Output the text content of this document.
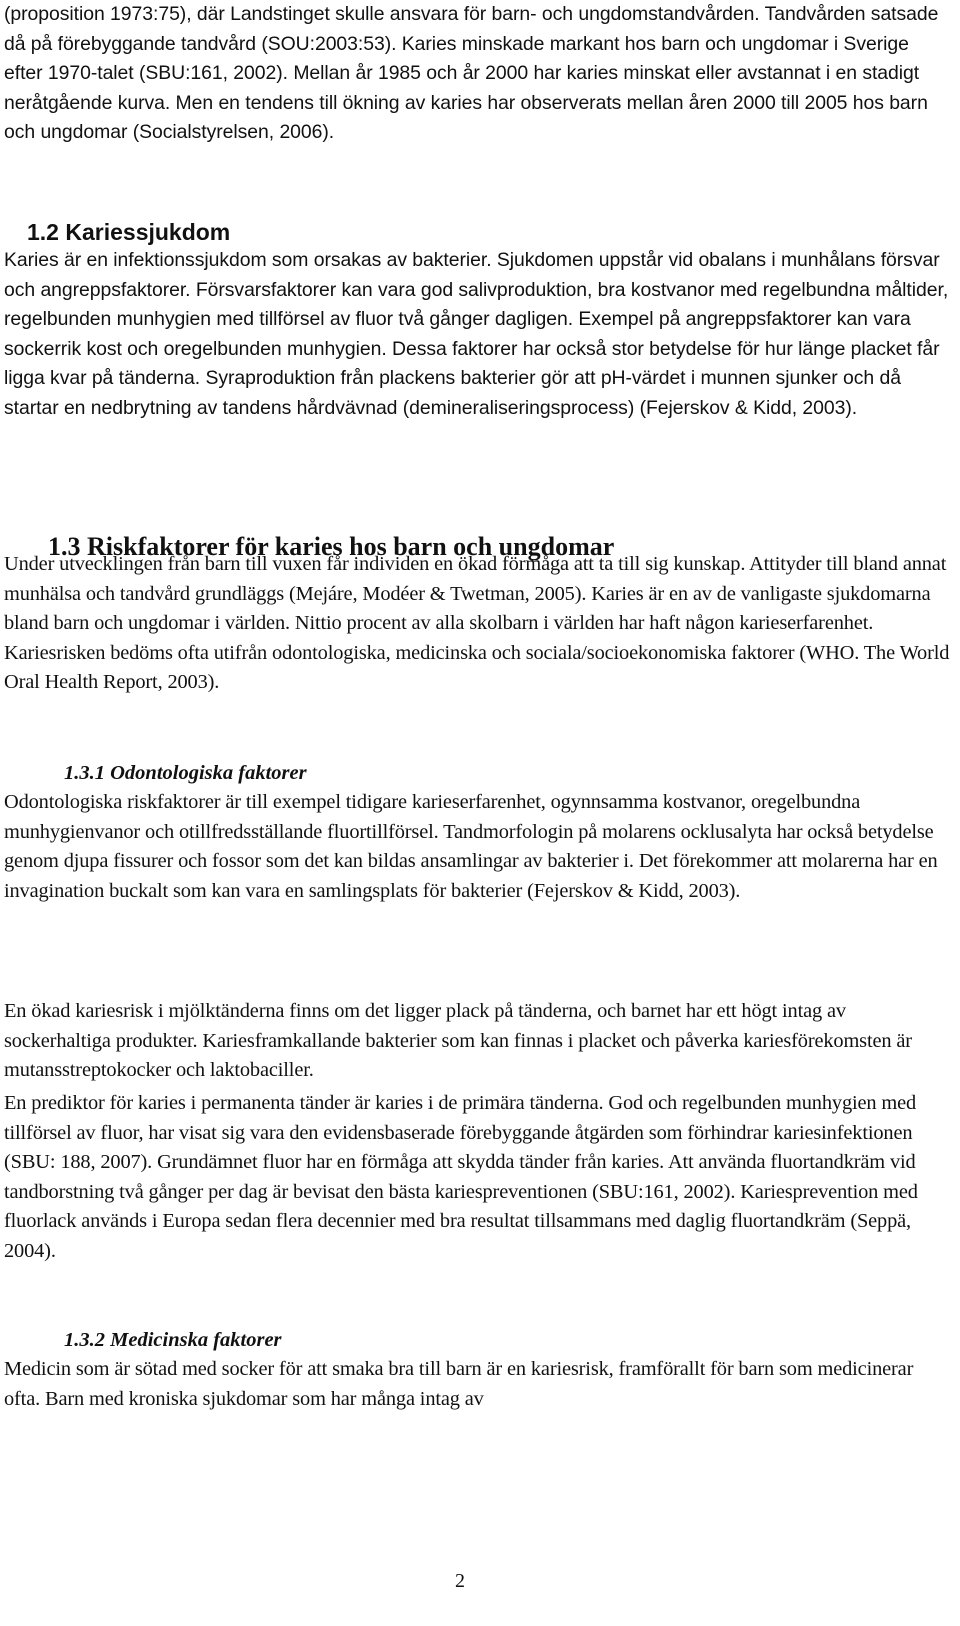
(proposition 1973:75), där Landstinget skulle ansvara för barn- och ungdomstandvården. Tandvården satsade då på förebyggande tandvård (SOU:2003:53). Karies minskade markant hos barn och ungdomar i Sverige efter 1970-talet (SBU:161, 2002). Mellan år 1985 och år 2000 har karies minskat eller avstannat i en stadigt neråtgående kurva. Men en tendens till ökning av karies har observerats mellan åren 2000 till 2005 hos barn och ungdomar (Socialstyrelsen, 2006).

1.2 Kariessjukdom

Karies är en infektionssjukdom som orsakas av bakterier. Sjukdomen uppstår vid obalans i munhålans försvar och angreppsfaktorer. Försvarsfaktorer kan vara god salivproduktion, bra kostvanor med regelbundna måltider, regelbunden munhygien med tillförsel av fluor två gånger dagligen. Exempel på angreppsfaktorer kan vara sockerrik kost och oregelbunden munhygien. Dessa faktorer har också stor betydelse för hur länge placket får ligga kvar på tänderna. Syraproduktion från plackens bakterier gör att pH-värdet i munnen sjunker och då startar en nedbrytning av tandens hårdvävnad (demineraliseringsprocess) (Fejerskov & Kidd, 2003).

1.3 Riskfaktorer för karies hos barn och ungdomar

Under utvecklingen från barn till vuxen får individen en ökad förmåga att ta till sig kunskap. Attityder till bland annat munhälsa och tandvård grundläggs (Mejáre, Modéer & Twetman, 2005). Karies är en av de vanligaste sjukdomarna bland barn och ungdomar i världen. Nittio procent av alla skolbarn i världen har haft någon karieserfarenhet. Kariesrisken bedöms ofta utifrån odontologiska, medicinska och sociala/socioekonomiska faktorer (WHO. The World Oral Health Report, 2003).

1.3.1 Odontologiska faktorer

Odontologiska riskfaktorer är till exempel tidigare karieserfarenhet, ogynnsamma kostvanor, oregelbundna munhygienvanor och otillfredsställande fluortillförsel. Tandmorfologin på molarens ocklusalyta har också betydelse genom djupa fissurer och fossor som det kan bildas ansamlingar av bakterier i. Det förekommer att molarerna har en invagination buckalt som kan vara en samlingsplats för bakterier (Fejerskov & Kidd, 2003).

En ökad kariesrisk i mjölktänderna finns om det ligger plack på tänderna, och barnet har ett högt intag av sockerhaltiga produkter. Kariesframkallande bakterier som kan finnas i placket och påverka kariesförekomsten är mutansstreptokocker och laktobaciller.

En prediktor för karies i permanenta tänder är karies i de primära tänderna. God och regelbunden munhygien med tillförsel av fluor, har visat sig vara den evidensbaserade förebyggande åtgärden som förhindrar kariesinfektionen (SBU: 188, 2007). Grundämnet fluor har en förmåga att skydda tänder från karies. Att använda fluortandkräm vid tandborstning två gånger per dag är bevisat den bästa kariespreventionen (SBU:161, 2002). Kariesprevention med fluorlack används i Europa sedan flera decennier med bra resultat tillsammans med daglig fluortandkräm (Seppä, 2004).

1.3.2 Medicinska faktorer

Medicin som är sötad med socker för att smaka bra till barn är en kariesrisk, framförallt för barn som medicinerar ofta. Barn med kroniska sjukdomar som har många intag av

2
